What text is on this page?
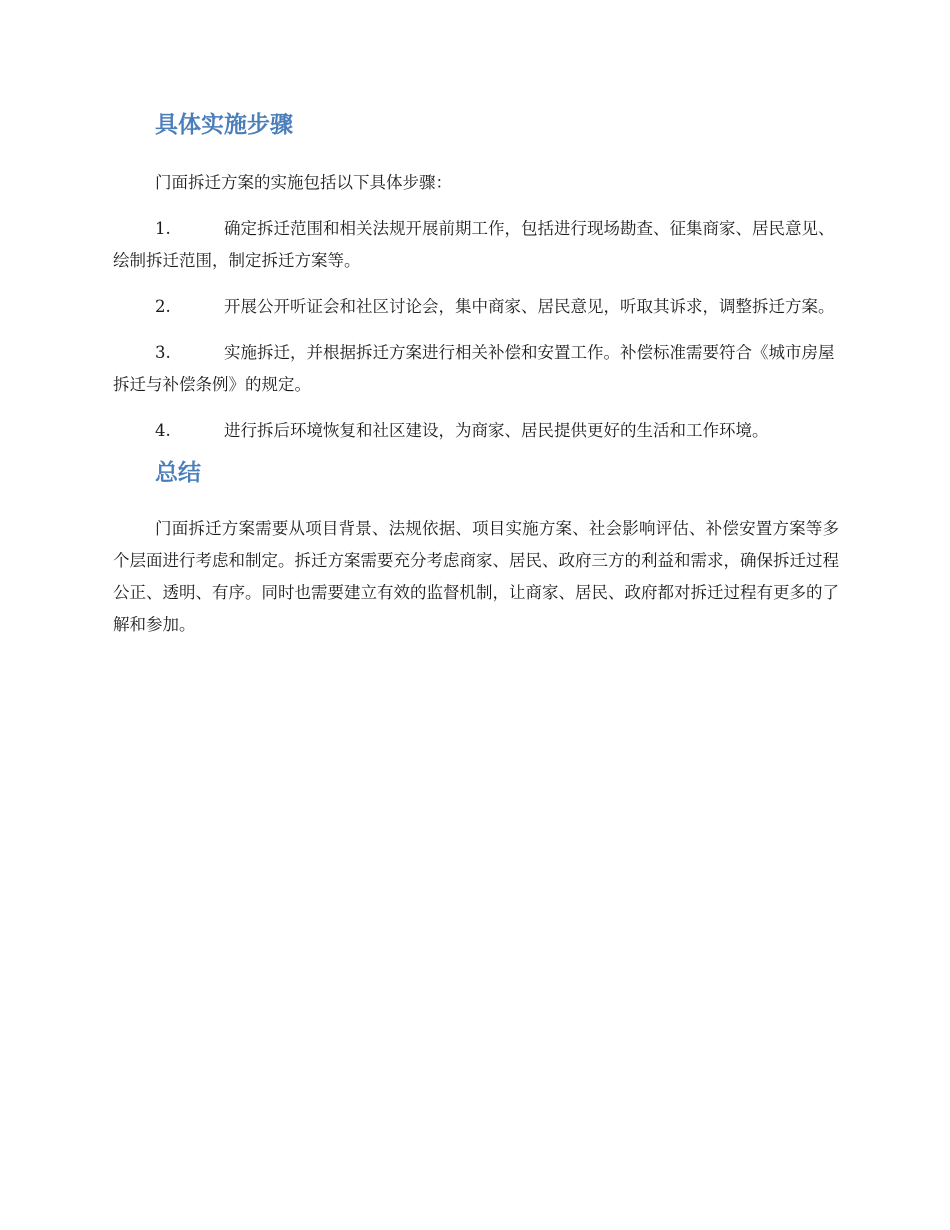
具体实施步骤

门面拆迁方案的实施包括以下具体步骤：

1.	确定拆迁范围和相关法规开展前期工作，包括进行现场勘查、征集商家、居民意见、绘制拆迁范围，制定拆迁方案等。

2.	开展公开听证会和社区讨论会，集中商家、居民意见，听取其诉求，调整拆迁方案。

3.	实施拆迁，并根据拆迁方案进行相关补偿和安置工作。补偿标准需要符合《城市房屋拆迁与补偿条例》的规定。

4.	进行拆后环境恢复和社区建设，为商家、居民提供更好的生活和工作环境。

总结

门面拆迁方案需要从项目背景、法规依据、项目实施方案、社会影响评估、补偿安置方案等多个层面进行考虑和制定。拆迁方案需要充分考虑商家、居民、政府三方的利益和需求，确保拆迁过程公正、透明、有序。同时也需要建立有效的监督机制，让商家、居民、政府都对拆迁过程有更多的了解和参加。
